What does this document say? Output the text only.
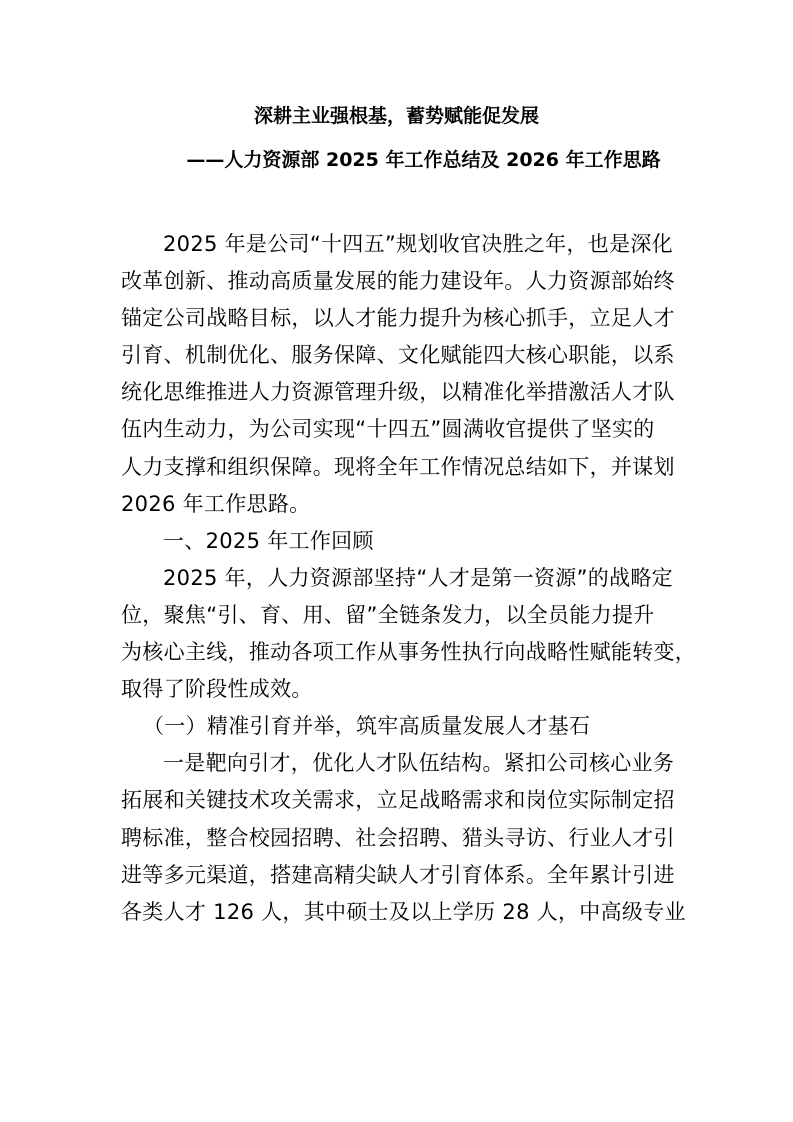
深耕主业强根基，蓄势赋能促发展
——人力资源部 2025 年工作总结及 2026 年工作思路
2025 年是公司“十四五”规划收官决胜之年，也是深化
改革创新、推动高质量发展的能力建设年。人力资源部始终
锚定公司战略目标，以人才能力提升为核心抓手，立足人才
引育、机制优化、服务保障、文化赋能四大核心职能，以系
统化思维推进人力资源管理升级，以精准化举措激活人才队
伍内生动力，为公司实现“十四五”圆满收官提供了坚实的
人力支撑和组织保障。现将全年工作情况总结如下，并谋划
2026 年工作思路。
一、2025 年工作回顾
2025 年，人力资源部坚持“人才是第一资源”的战略定
位，聚焦“引、育、用、留”全链条发力，以全员能力提升
为核心主线，推动各项工作从事务性执行向战略性赋能转变，
取得了阶段性成效。
（一）精准引育并举，筑牢高质量发展人才基石
一是靶向引才，优化人才队伍结构。紧扣公司核心业务
拓展和关键技术攻关需求，立足战略需求和岗位实际制定招
聘标准，整合校园招聘、社会招聘、猎头寻访、行业人才引
进等多元渠道，搭建高精尖缺人才引育体系。全年累计引进
各类人才 126 人，其中硕士及以上学历 28 人，中高级专业
